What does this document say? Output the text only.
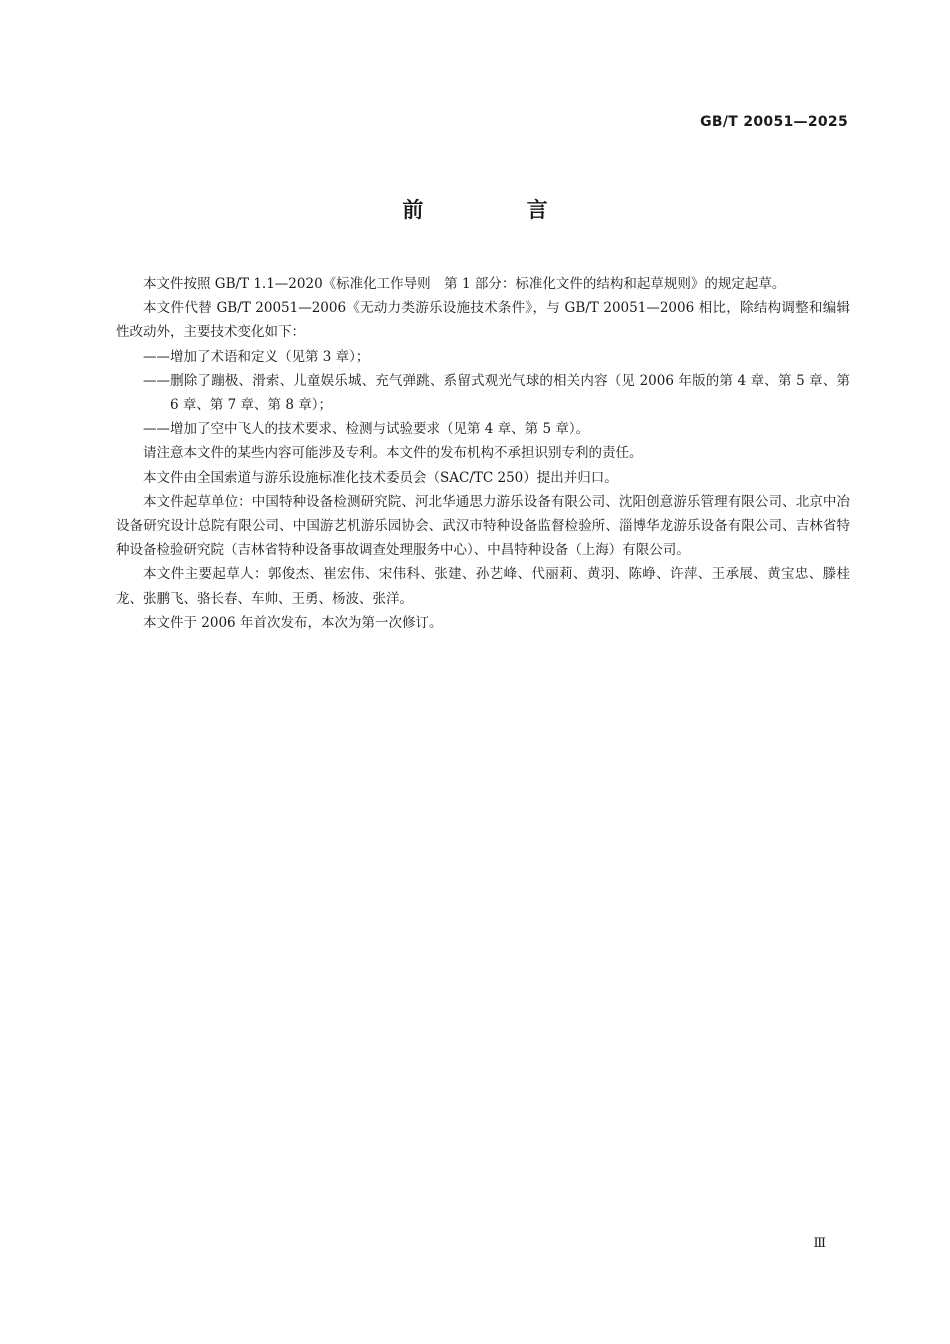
GB/T 20051—2025
前 言

本文件按照 GB/T 1.1—2020《标准化工作导则　第 1 部分：标准化文件的结构和起草规则》的规定起草。

本文件代替 GB/T 20051—2006《无动力类游乐设施技术条件》，与 GB/T 20051—2006 相比，除结构调整和编辑性改动外，主要技术变化如下：

——增加了术语和定义（见第 3 章）；

——删除了蹦极、滑索、儿童娱乐城、充气弹跳、系留式观光气球的相关内容（见 2006 年版的第 4 章、第 5 章、第 6 章、第 7 章、第 8 章）；

——增加了空中飞人的技术要求、检测与试验要求（见第 4 章、第 5 章）。

请注意本文件的某些内容可能涉及专利。本文件的发布机构不承担识别专利的责任。

本文件由全国索道与游乐设施标准化技术委员会（SAC/TC 250）提出并归口。

本文件起草单位：中国特种设备检测研究院、河北华通思力游乐设备有限公司、沈阳创意游乐管理有限公司、北京中冶设备研究设计总院有限公司、中国游艺机游乐园协会、武汉市特种设备监督检验所、淄博华龙游乐设备有限公司、吉林省特种设备检验研究院（吉林省特种设备事故调查处理服务中心）、中昌特种设备（上海）有限公司。

本文件主要起草人：郭俊杰、崔宏伟、宋伟科、张建、孙艺峰、代丽莉、黄羽、陈峥、许萍、王承展、黄宝忠、滕桂龙、张鹏飞、骆长春、车帅、王勇、杨波、张洋。

本文件于 2006 年首次发布，本次为第一次修订。

Ⅲ
